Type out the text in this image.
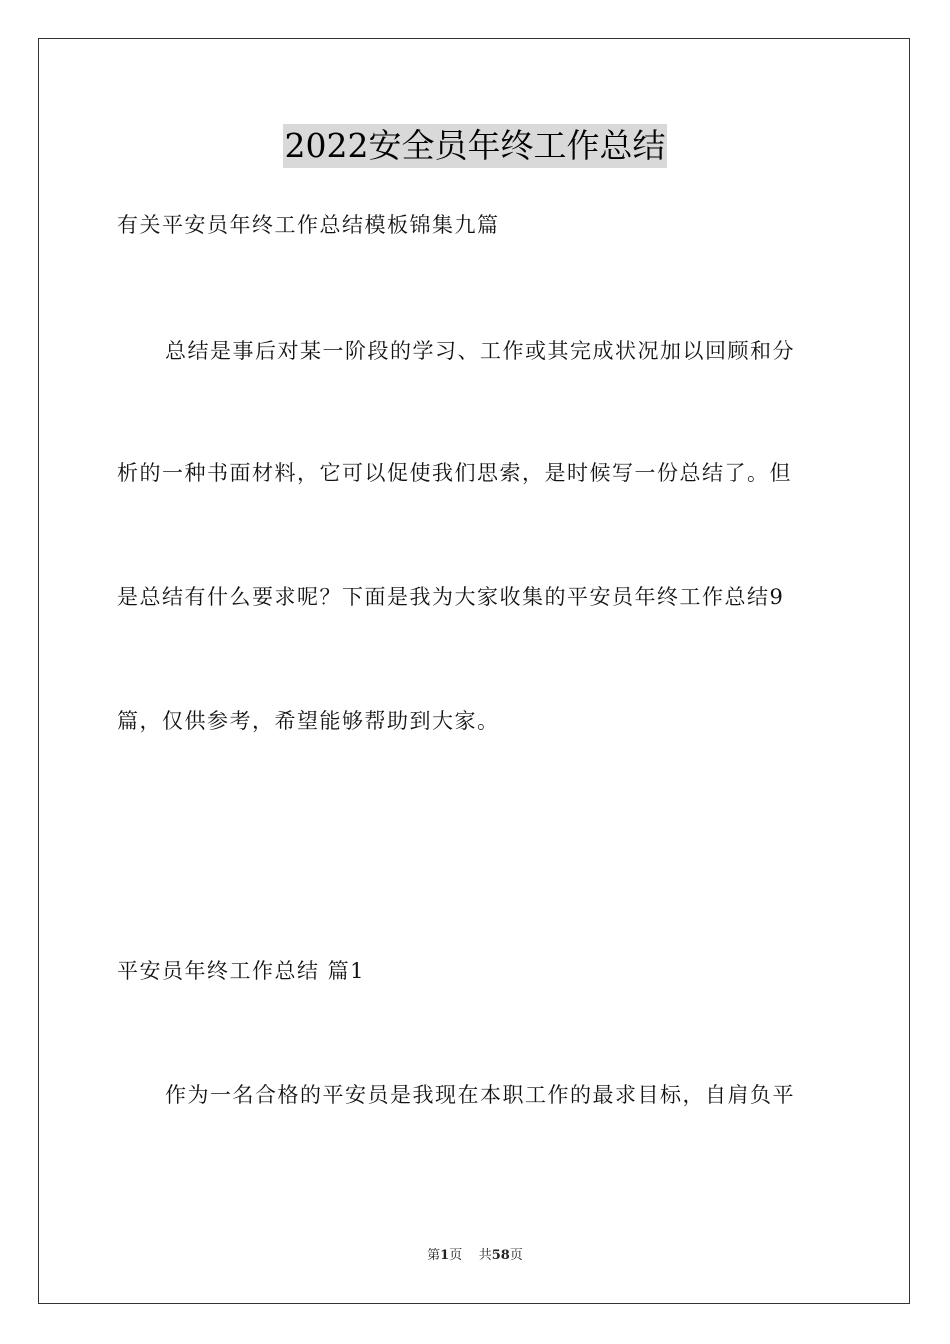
2022安全员年终工作总结
有关平安员年终工作总结模板锦集九篇
总结是事后对某一阶段的学习、工作或其完成状况加以回顾和分
析的一种书面材料，它可以促使我们思索，是时候写一份总结了。但
是总结有什么要求呢？下面是我为大家收集的平安员年终工作总结9
篇，仅供参考，希望能够帮助到大家。
平安员年终工作总结 篇1
作为一名合格的平安员是我现在本职工作的最求目标，自肩负平
第1页 共58页
